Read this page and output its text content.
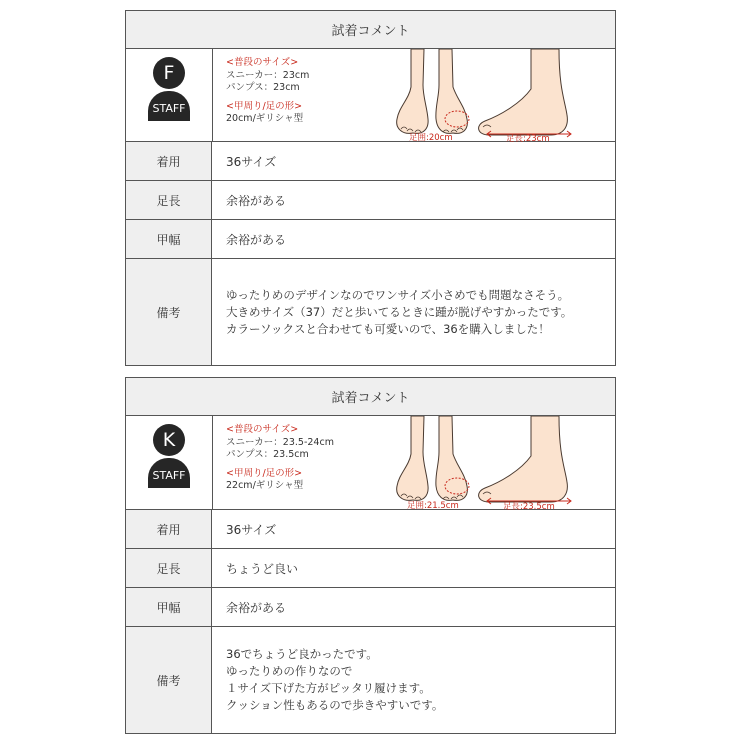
試着コメント
F
STAFF
<普段のサイズ>
スニーカー：23cm
パンプス：23cm
<甲周り/足の形>
20cm/ギリシャ型
足囲:20cm	足長:23cm
着用	36サイズ
足長	余裕がある
甲幅	余裕がある
備考
ゆったりめのデザインなのでワンサイズ小さめでも問題なさそう。
大きめサイズ（37）だと歩いてるときに踵が脱げやすかったです。
カラーソックスと合わせても可愛いので、36を購入しました！
試着コメント
K
STAFF
<普段のサイズ>
スニーカー：23.5-24cm
パンプス：23.5cm
<甲周り/足の形>
22cm/ギリシャ型
足囲:21.5cm	足長:23.5cm
着用	36サイズ
足長	ちょうど良い
甲幅	余裕がある
備考
36でちょうど良かったです。
ゆったりめの作りなので
１サイズ下げた方がピッタリ履けます。
クッション性もあるので歩きやすいです。
